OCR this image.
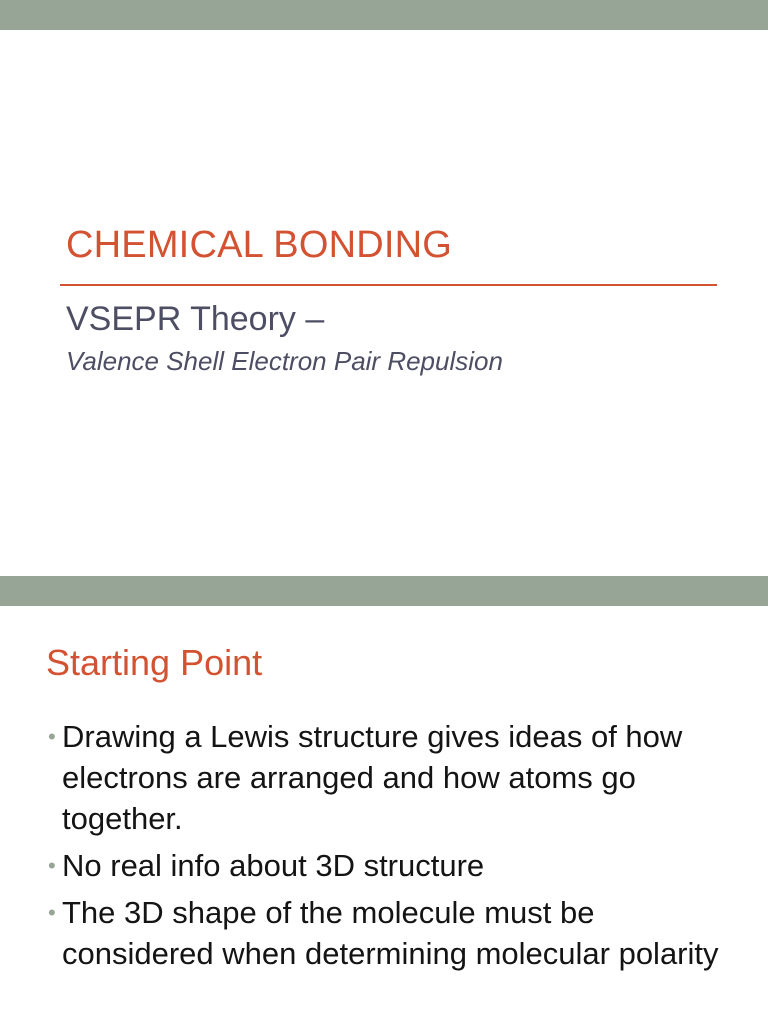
CHEMICAL BONDING
VSEPR Theory –

Valence Shell Electron Pair Repulsion

Starting Point
• Drawing a Lewis structure gives ideas of how electrons are arranged and how atoms go together.
• No real info about 3D structure
• The 3D shape of the molecule must be considered when determining molecular polarity
